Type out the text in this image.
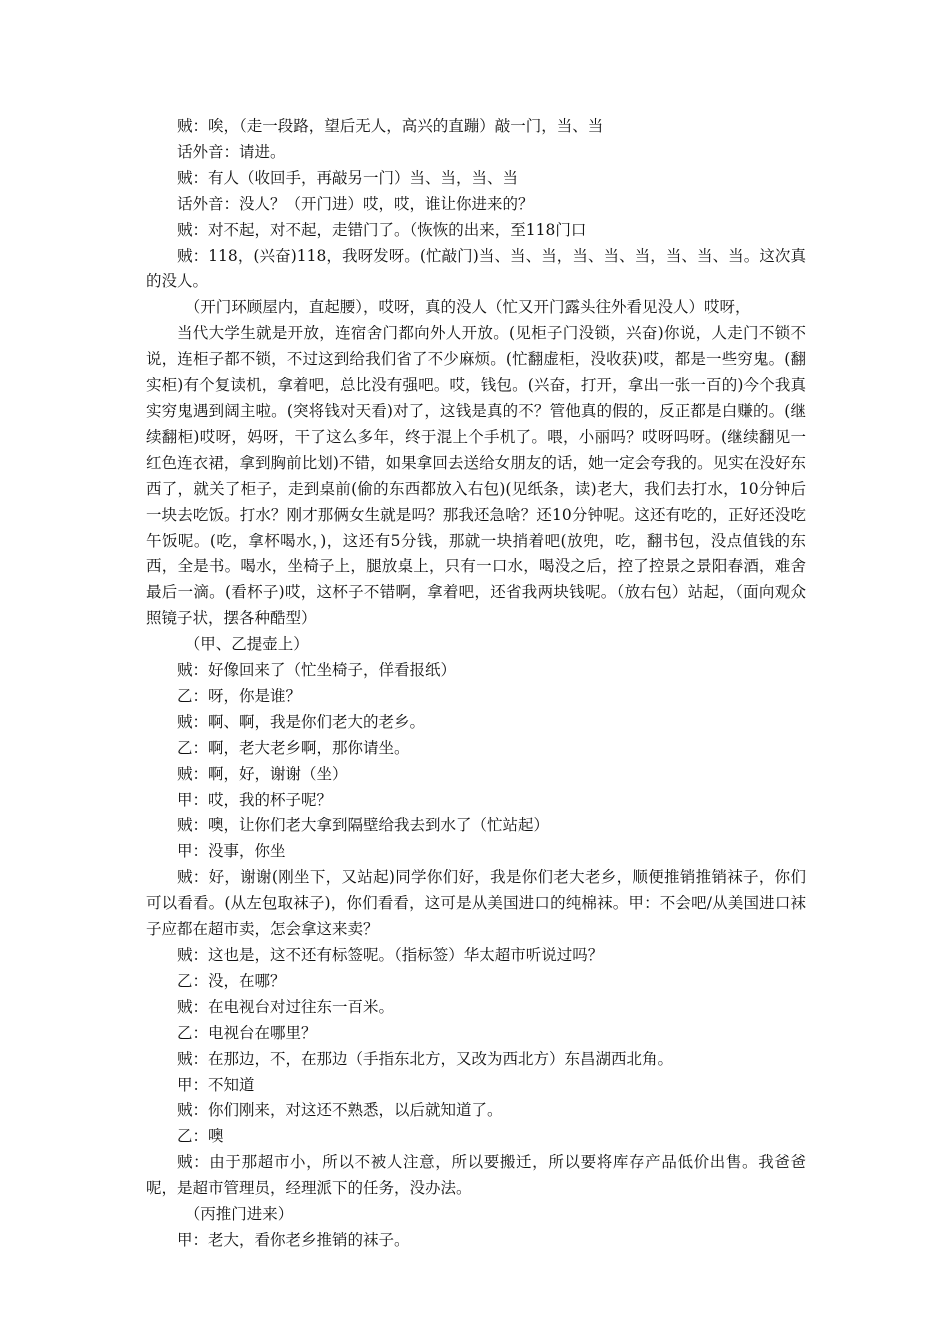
贼：唉，（走一段路，望后无人，高兴的直蹦）敲一门，当、当

话外音：请进。

贼：有人（收回手，再敲另一门）当、当，当、当

话外音：没人？（开门进）哎，哎，谁让你进来的？

贼：对不起，对不起，走错门了。（恢恢的出来，至118门口

贼：118，(兴奋)118，我呀发呀。(忙敲门)当、当、当，当、当、当，当、当、当。这次真的没人。

（开门环顾屋内，直起腰），哎呀，真的没人（忙又开门露头往外看见没人）哎呀，

当代大学生就是开放，连宿舍门都向外人开放。(见柜子门没锁，兴奋)你说，人走门不锁不说，连柜子都不锁，不过这到给我们省了不少麻烦。(忙翻虚柜，没收获)哎，都是一些穷鬼。(翻实柜)有个复读机，拿着吧，总比没有强吧。哎，钱包。(兴奋，打开，拿出一张一百的)今个我真实穷鬼遇到阔主啦。(突将钱对天看)对了，这钱是真的不？管他真的假的，反正都是白赚的。(继续翻柜)哎呀，妈呀，干了这么多年，终于混上个手机了。喂，小丽吗？哎呀吗呀。(继续翻见一红色连衣裙，拿到胸前比划)不错，如果拿回去送给女朋友的话，她一定会夸我的。见实在没好东西了，就关了柜子，走到桌前(偷的东西都放入右包)(见纸条，读)老大，我们去打水，10分钟后一块去吃饭。打水？刚才那俩女生就是吗？那我还急啥？还10分钟呢。这还有吃的，正好还没吃午饭呢。(吃，拿杯喝水，)，这还有5分钱，那就一块捎着吧(放兜，吃，翻书包，没点值钱的东西，全是书。喝水，坐椅子上，腿放桌上，只有一口水，喝没之后，控了控景之景阳春酒，难舍最后一滴。(看杯子)哎，这杯子不错啊，拿着吧，还省我两块钱呢。（放右包）站起，（面向观众照镜子状，摆各种酷型）

（甲、乙提壶上）

贼：好像回来了（忙坐椅子，佯看报纸）

乙：呀，你是谁？

贼：啊、啊，我是你们老大的老乡。

乙：啊，老大老乡啊，那你请坐。

贼：啊，好，谢谢（坐）

甲：哎，我的杯子呢？

贼：噢，让你们老大拿到隔壁给我去到水了（忙站起）

甲：没事，你坐

贼：好，谢谢(刚坐下，又站起)同学你们好，我是你们老大老乡，顺便推销推销袜子，你们可以看看。(从左包取袜子)，你们看看，这可是从美国进口的纯棉袜。甲：不会吧/从美国进口袜子应都在超市卖，怎会拿这来卖？

贼：这也是，这不还有标签呢。（指标签）华太超市听说过吗？

乙：没，在哪？

贼：在电视台对过往东一百米。

乙：电视台在哪里？

贼：在那边，不，在那边（手指东北方，又改为西北方）东昌湖西北角。

甲：不知道

贼：你们刚来，对这还不熟悉，以后就知道了。

乙：噢

贼：由于那超市小，所以不被人注意，所以要搬迁，所以要将库存产品低价出售。我爸爸呢，是超市管理员，经理派下的任务，没办法。

（丙推门进来）

甲：老大，看你老乡推销的袜子。
